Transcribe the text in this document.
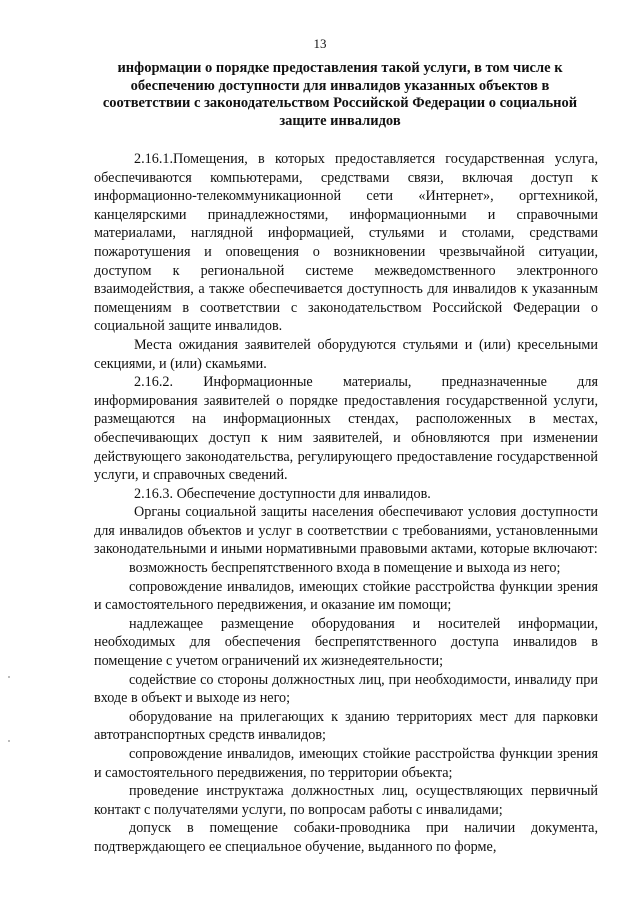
13
информации о порядке предоставления такой услуги, в том числе к обеспечению доступности для инвалидов указанных объектов в соответствии с законодательством Российской Федерации о социальной защите инвалидов

2.16.1.Помещения, в которых предоставляется государственная услуга, обеспечиваются компьютерами, средствами связи, включая доступ к информационно-телекоммуникационной сети «Интернет», оргтехникой, канцелярскими принадлежностями, информационными и справочными материалами, наглядной информацией, стульями и столами, средствами пожаротушения и оповещения о возникновении чрезвычайной ситуации, доступом к региональной системе межведомственного электронного взаимодействия, а также обеспечивается доступность для инвалидов к указанным помещениям в соответствии с законодательством Российской Федерации о социальной защите инвалидов.

Места ожидания заявителей оборудуются стульями и (или) кресельными секциями, и (или) скамьями.

2.16.2. Информационные материалы, предназначенные для информирования заявителей о порядке предоставления государственной услуги, размещаются на информационных стендах, расположенных в местах, обеспечивающих доступ к ним заявителей, и обновляются при изменении действующего законодательства, регулирующего предоставление государственной услуги, и справочных сведений.

2.16.3. Обеспечение доступности для инвалидов.

Органы социальной защиты населения обеспечивают условия доступности для инвалидов объектов и услуг в соответствии с требованиями, установленными законодательными и иными нормативными правовыми актами, которые включают:

возможность беспрепятственного входа в помещение и выхода из него;

сопровождение инвалидов, имеющих стойкие расстройства функции зрения и самостоятельного передвижения, и оказание им помощи;

надлежащее размещение оборудования и носителей информации, необходимых для обеспечения беспрепятственного доступа инвалидов в помещение с учетом ограничений их жизнедеятельности;

содействие со стороны должностных лиц, при необходимости, инвалиду при входе в объект и выходе из него;

оборудование на прилегающих к зданию территориях мест для парковки автотранспортных средств инвалидов;

сопровождение инвалидов, имеющих стойкие расстройства функции зрения и самостоятельного передвижения, по территории объекта;

проведение инструктажа должностных лиц, осуществляющих первичный контакт с получателями услуги, по вопросам работы с инвалидами;

допуск в помещение собаки-проводника при наличии документа, подтверждающего ее специальное обучение, выданного по форме,
